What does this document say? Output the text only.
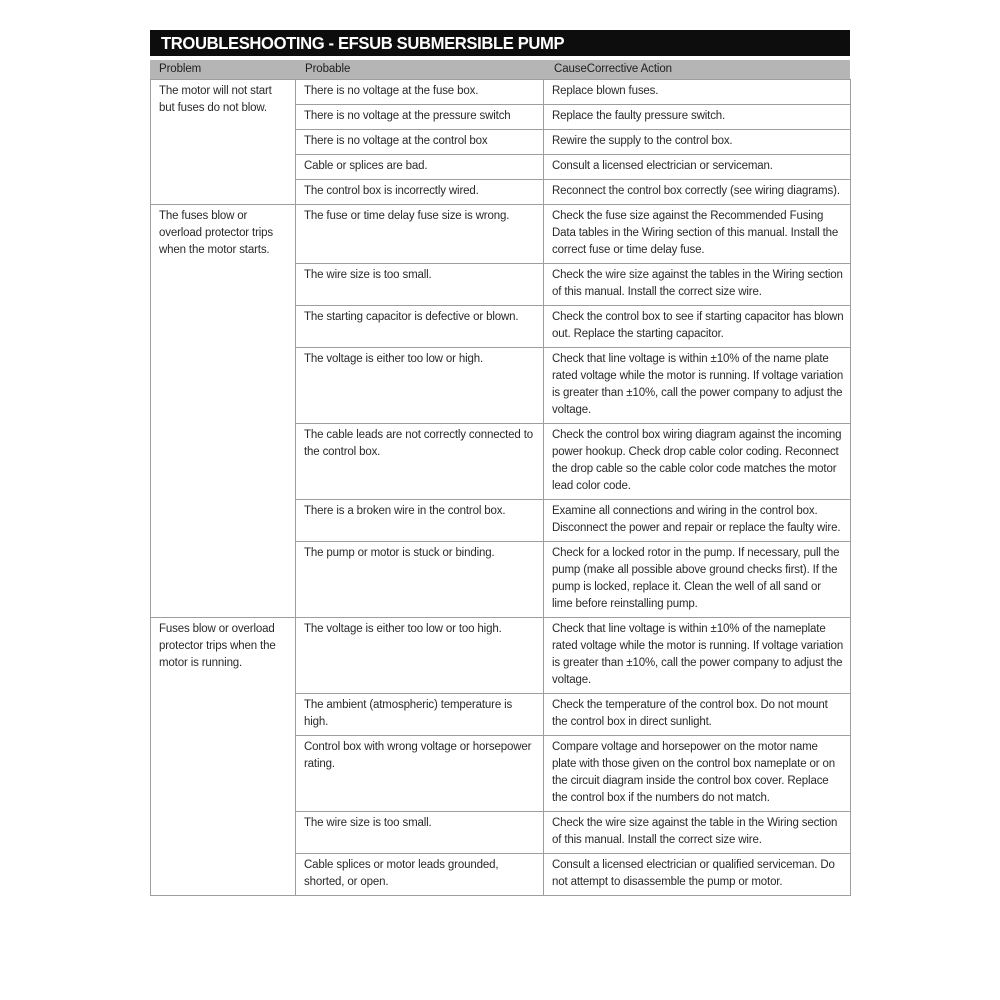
TROUBLESHOOTING - EFSUB SUBMERSIBLE PUMP
Problem	Probable	CauseCorrective Action
The motor will not start but fuses do not blow.	There is no voltage at the fuse box.	Replace blown fuses.
	There is no voltage at the pressure switch	Replace the faulty pressure switch.
	There is no voltage at the control box	Rewire the supply to the control box.
	Cable or splices are bad.	Consult a licensed electrician or serviceman.
	The control box is incorrectly wired.	Reconnect the control box correctly (see wiring diagrams).
The fuses blow or overload protector trips when the motor starts.	The fuse or time delay fuse size is wrong.	Check the fuse size against the Recommended Fusing Data tables in the Wiring section of this manual. Install the correct fuse or time delay fuse.
	The wire size is too small.	Check the wire size against the tables in the Wiring section of this manual. Install the correct size wire.
	The starting capacitor is defective or blown.	Check the control box to see if starting capacitor has blown out. Replace the starting capacitor.
	The voltage is either too low or high.	Check that line voltage is within ±10% of the name plate rated voltage while the motor is running. If voltage variation is greater than ±10%, call the power company to adjust the voltage.
	The cable leads are not correctly connected to the control box.	Check the control box wiring diagram against the incoming power hookup. Check drop cable color coding. Reconnect the drop cable so the cable color code matches the motor lead color code.
	There is a broken wire in the control box.	Examine all connections and wiring in the control box. Disconnect the power and repair or replace the faulty wire.
	The pump or motor is stuck or binding.	Check for a locked rotor in the pump. If necessary, pull the pump (make all possible above ground checks first). If the pump is locked, replace it. Clean the well of all sand or lime before reinstalling pump.
Fuses blow or overload protector trips when the motor is running.	The voltage is either too low or too high.	Check that line voltage is within ±10% of the nameplate rated voltage while the motor is running. If voltage variation is greater than ±10%, call the power company to adjust the voltage.
	The ambient (atmospheric) temperature is high.	Check the temperature of the control box. Do not mount the control box in direct sunlight.
	Control box with wrong voltage or horsepower rating.	Compare voltage and horsepower on the motor name plate with those given on the control box nameplate or on the circuit diagram inside the control box cover. Replace the control box if the numbers do not match.
	The wire size is too small.	Check the wire size against the table in the Wiring section of this manual. Install the correct size wire.
	Cable splices or motor leads grounded, shorted, or open.	Consult a licensed electrician or qualified serviceman. Do not attempt to disassemble the pump or motor.
